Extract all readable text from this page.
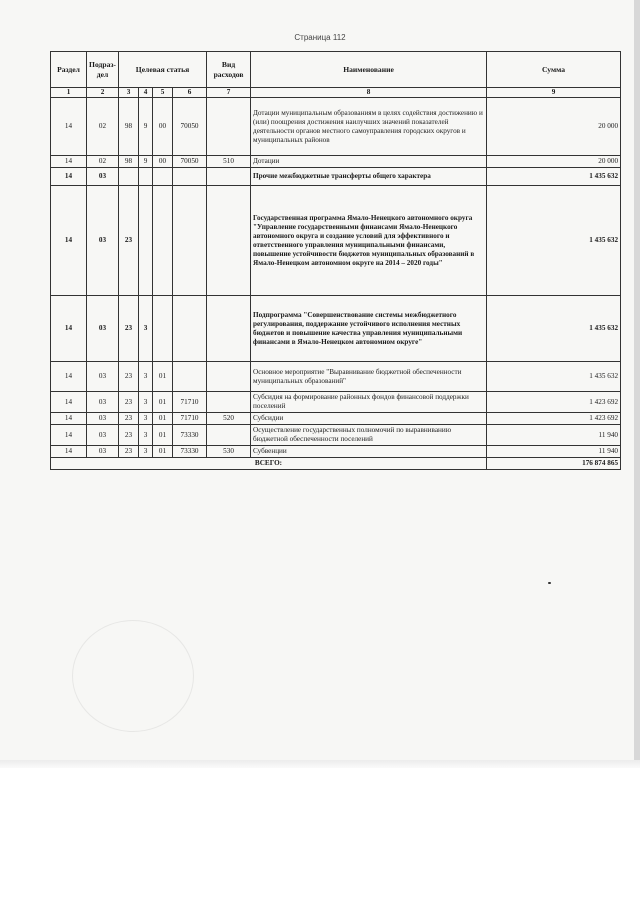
Страница 112
Раздел	Подраз-дел	Целевая статья				Вид расходов	Наименование	Сумма
1	2	3	4	5	6	7	8	9
14	02	98	9	00	70050		Дотации муниципальным образованиям в целях содействия достижению и (или) поощрения достижения наилучших значений показателей деятельности органов местного самоуправления городских округов и муниципальных районов	20 000
14	02	98	9	00	70050	510	Дотации	20 000
14	03						Прочие межбюджетные трансферты общего характера	1 435 632
14	03	23					Государственная программа Ямало-Ненецкого автономного округа "Управление государственными финансами Ямало-Ненецкого автономного округа и создание условий для эффективного и ответственного управления муниципальными финансами, повышение устойчивости бюджетов муниципальных образований в Ямало-Ненецком автономном округе на 2014 – 2020 годы"	1 435 632
14	03	23	3				Подпрограмма "Совершенствование системы межбюджетного регулирования, поддержание устойчивого исполнения местных бюджетов и повышение качества управления муниципальными финансами в Ямало-Ненецком автономном округе"	1 435 632
14	03	23	3	01			Основное мероприятие "Выравнивание бюджетной обеспеченности муниципальных образований"	1 435 632
14	03	23	3	01	71710		Субсидия на формирование районных фондов финансовой поддержки поселений	1 423 692
14	03	23	3	01	71710	520	Субсидии	1 423 692
14	03	23	3	01	73330		Осуществление государственных полномочий по выравниванию бюджетной обеспеченности поселений	11 940
14	03	23	3	01	73330	530	Субвенции	11 940
ВСЕГО:								176 874 865
